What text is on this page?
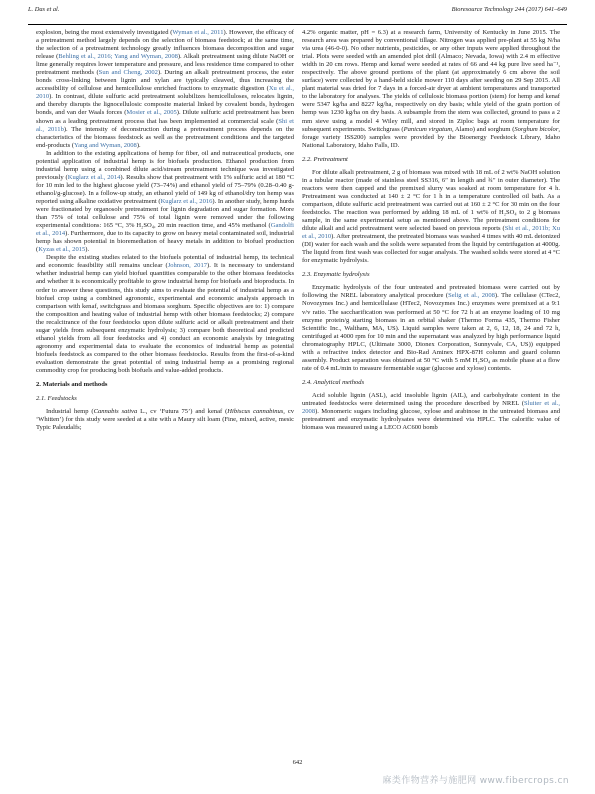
L. Das et al.	Bioresource Technology 244 (2017) 641–649

explosion, being the most extensively investigated (Wyman et al., 2011). However, the efficacy of a pretreatment method largely depends on the selection of biomass feedstock; at the same time, the selection of a pretreatment technology greatly influences biomass decomposition and sugar release (Behling et al., 2016; Yang and Wyman, 2008). Alkali pretreatment using dilute NaOH or lime generally requires lower temperature and pressure, and less residence time compared to other pretreatment methods (Sun and Cheng, 2002). During an alkali pretreatment process, the ester bonds cross-linking between lignin and xylan are typically cleaved, thus increasing the accessibility of cellulose and hemicellulose enriched fractions to enzymatic digestion (Xu et al., 2010). In contrast, dilute sulfuric acid pretreatment solubilizes hemicelluloses, relocates lignin, and thereby disrupts the lignocellulosic composite material linked by covalent bonds, hydrogen bonds, and van der Waals forces (Mosier et al., 2005). Dilute sulfuric acid pretreatment has been shown as a leading pretreatment process that has been implemented at commercial scale (Shi et al., 2011b). The intensity of deconstruction during a pretreatment process depends on the characteristics of the biomass feedstock as well as the pretreatment conditions and the targeted end-products (Yang and Wyman, 2008).

In addition to the existing applications of hemp for fiber, oil and nutraceutical products, one potential application of industrial hemp is for biofuels production. Ethanol production from industrial hemp using a combined dilute acid/stream pretreatment technique was investigated previously (Kuglarz et al., 2014). Results show that pretreatment with 1% sulfuric acid at 180 °C for 10 min led to the highest glucose yield (73–74%) and ethanol yield of 75–79% (0.28–0.40 g-ethanol/g-glucose). In a follow-up study, an ethanol yield of 149 kg of ethanol/dry ton hemp was reported using alkaline oxidative pretreatment (Kuglarz et al., 2016). In another study, hemp hurds were fractionated by organosolv pretreatment for lignin degradation and sugar formation. More than 75% of total cellulose and 75% of total lignin were removed under the following experimental conditions: 165 °C, 3% H₂SO₄, 20 min reaction time, and 45% methanol (Gandolfi et al., 2014). Furthermore, due to its capacity to grow on heavy metal contaminated soil, industrial hemp has shown potential in bioremediation of heavy metals in addition to biofuel production (Kyzas et al., 2015).

Despite the existing studies related to the biofuels potential of industrial hemp, its technical and economic feasibility still remains unclear (Johnson, 2017). It is necessary to understand whether industrial hemp can yield biofuel quantities comparable to the other biomass feedstocks and whether it is economically profitable to grow industrial hemp for biofuels and bioproducts. In order to answer these questions, this study aims to evaluate the potential of industrial hemp as a biofuel crop using a combined agronomic, experimental and economic analysis approach in comparison with kenaf, switchgrass and biomass sorghum. Specific objectives are to: 1) compare the composition and heating value of industrial hemp with other biomass feedstocks; 2) compare the recalcitrance of the four feedstocks upon dilute sulfuric acid or alkali pretreatment and their sugar yields from subsequent enzymatic hydrolysis; 3) compare both theoretical and predicted ethanol yields from all four feedstocks and 4) conduct an economic analysis by integrating agronomy and experimental data to evaluate the economics of industrial hemp as potential biofuels feedstock as compared to the other biomass feedstocks. Results from the first-of-a-kind evaluation demonstrate the great potential of using industrial hemp as a promising regional commodity crop for producing both biofuels and value-added products.

2. Materials and methods
2.1. Feedstocks

Industrial hemp (Cannabis sativa L., cv ‘Futura 75’) and kenaf (Hibiscus cannabinus, cv ‘Whitten’) for this study were seeded at a site with a Maury silt loam (Fine, mixed, active, mesic Typic Paleudalfs;

4.2% organic matter, pH = 6.3) at a research farm, University of Kentucky in June 2015. The research area was prepared by conventional tillage. Nitrogen was applied pre-plant at 55 kg N/ha via urea (46-0-0). No other nutrients, pesticides, or any other inputs were applied throughout the trial. Plots were seeded with an amended plot drill (Almaco; Nevada, Iowa) with 2.4 m effective width in 20 cm rows. Hemp and kenaf were seeded at rates of 66 and 44 kg pure live seed ha⁻¹, respectively. The above ground portions of the plant (at approximately 6 cm above the soil surface) were collected by a hand-held sickle mower 110 days after seeding on 29 Sep 2015. All plant material was dried for 7 days in a forced-air dryer at ambient temperatures and transported to the laboratory for analyses. The yields of cellulosic biomass portion (stem) for hemp and kenaf were 5347 kg/ha and 8227 kg/ha, respectively on dry basis; while yield of the grain portion of hemp was 1230 kg/ha on dry basis. A subsample from the stem was collected, ground to pass a 2 mm sieve using a model 4 Wiley mill, and stored in Ziploc bags at room temperature for subsequent experiments. Switchgrass (Panicum virgatum, Alamo) and sorghum (Sorghum bicolor, forage variety ISS200) samples were provided by the Bioenergy Feedstock Library, Idaho National Laboratory, Idaho Falls, ID.

2.2. Pretreatment

For dilute alkali pretreatment, 2 g of biomass was mixed with 18 mL of 2 wt% NaOH solution in a tubular reactor (made of stainless steel SS316, 6″ in length and ¾″ in outer diameter). The reactors were then capped and the premixed slurry was soaked at room temperature for 4 h. Pretreatment was conducted at 140 ± 2 °C for 1 h in a temperature controlled oil bath. As a comparison, dilute sulfuric acid pretreatment was carried out at 160 ± 2 °C for 30 min on the four feedstocks. The reaction was performed by adding 18 mL of 1 wt% of H₂SO₄ to 2 g biomass sample, in the same experimental setup as mentioned above. The pretreatment conditions for dilute alkali and acid pretreatment were selected based on previous reports (Shi et al., 2011b; Xu et al., 2010). After pretreatment, the pretreated biomass was washed 4 times with 40 mL deionized (DI) water for each wash and the solids were separated from the liquid by centrifugation at 4000g. The liquid from first wash was collected for sugar analysis. The washed solids were stored at 4 °C for enzymatic hydrolysis.

2.3. Enzymatic hydrolysis

Enzymatic hydrolysis of the four untreated and pretreated biomass were carried out by following the NREL laboratory analytical procedure (Selig et al., 2008). The cellulase (CTec2, Novozymes Inc.) and hemicellulase (HTec2, Novozymes Inc.) enzymes were premixed at a 9:1 v/v ratio. The saccharification was performed at 50 °C for 72 h at an enzyme loading of 10 mg enzyme protein/g starting biomass in an orbital shaker (Thermo Forma 435, Thermo Fisher Scientific Inc., Waltham, MA, US). Liquid samples were taken at 2, 6, 12, 18, 24 and 72 h, centrifuged at 4000 rpm for 10 min and the supernatant was analyzed by high performance liquid chromatography HPLC, (Ultimate 3000, Dionex Corporation, Sunnyvale, CA, US)) equipped with a refractive index detector and Bio-Rad Aminex HPX-87H column and guard column assembly. Product separation was obtained at 50 °C with 5 mM H₂SO₄ as mobile phase at a flow rate of 0.4 mL/min to measure fermentable sugar (glucose and xylose) contents.

2.4. Analytical methods

Acid soluble lignin (ASL), acid insoluble lignin (AIL), and carbohydrate content in the untreated feedstocks were determined using the procedure described by NREL (Sluiter et al., 2008). Monomeric sugars including glucose, xylose and arabinose in the untreated biomass and pretreatment and enzymatic hydrolysates were determined via HPLC. The calorific value of biomass was measured using a LECO AC600 bomb

642
麻类作物营养与施肥网 www.fibercrops.cn
